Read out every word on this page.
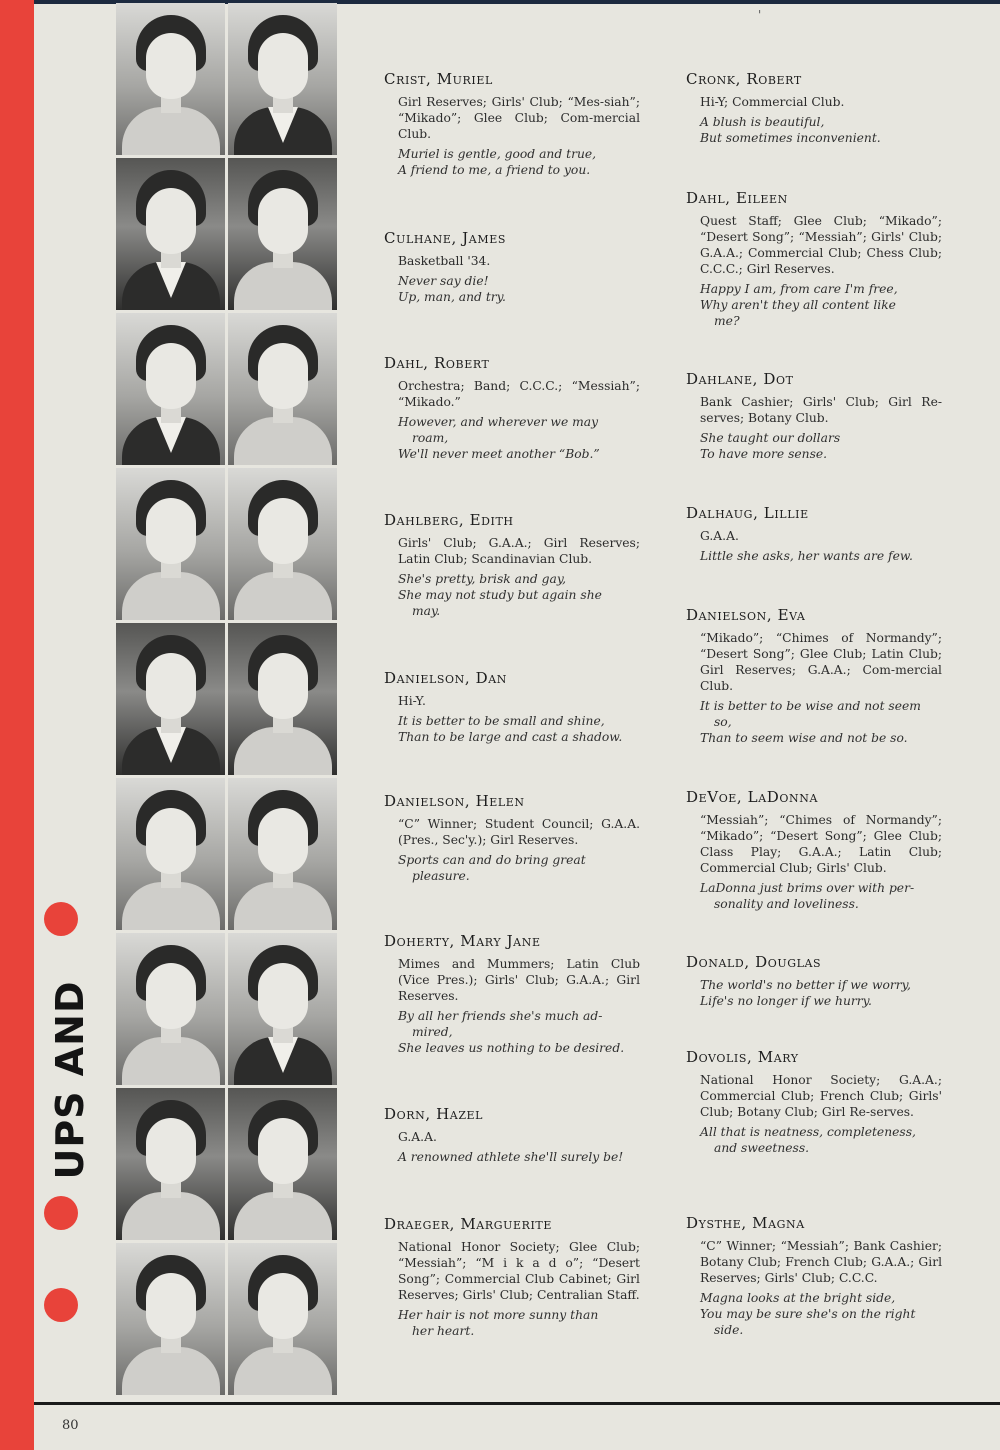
'
UPS AND
Crist, Muriel
Girl Reserves; Girls' Club; “Mes-siah”; “Mikado”; Glee Club; Com-mercial Club.
Muriel is gentle, good and true,
A friend to me, a friend to you.
Culhane, James
Basketball '34.
Never say die!
Up, man, and try.
Dahl, Robert
Orchestra; Band; C.C.C.; “Messiah”; “Mikado.”
However, and wherever we may
roam,
We'll never meet another “Bob.”
Dahlberg, Edith
Girls' Club; G.A.A.; Girl Reserves; Latin Club; Scandinavian Club.
She's pretty, brisk and gay,
She may not study but again she
may.
Danielson, Dan
Hi-Y.
It is better to be small and shine,
Than to be large and cast a shadow.
Danielson, Helen
“C” Winner; Student Council; G.A.A. (Pres., Sec'y.); Girl Reserves.
Sports can and do bring great
pleasure.
Doherty, Mary Jane
Mimes and Mummers; Latin Club (Vice Pres.); Girls' Club; G.A.A.; Girl Reserves.
By all her friends she's much ad-
mired,
She leaves us nothing to be desired.
Dorn, Hazel
G.A.A.
A renowned athlete she'll surely be!
Draeger, Marguerite
National Honor Society; Glee Club; “Messiah”; “M i k a d o”; “Desert Song”; Commercial Club Cabinet; Girl Reserves; Girls' Club; Centralian Staff.
Her hair is not more sunny than
her heart.
Cronk, Robert
Hi-Y; Commercial Club.
A blush is beautiful,
But sometimes inconvenient.
Dahl, Eileen
Quest Staff; Glee Club; “Mikado”; “Desert Song”; “Messiah”; Girls' Club; G.A.A.; Commercial Club; Chess Club; C.C.C.; Girl Reserves.
Happy I am, from care I'm free,
Why aren't they all content like
me?
Dahlane, Dot
Bank Cashier; Girls' Club; Girl Re-serves; Botany Club.
She taught our dollars
To have more sense.
Dalhaug, Lillie
G.A.A.
Little she asks, her wants are few.
Danielson, Eva
“Mikado”; “Chimes of Normandy”; “Desert Song”; Glee Club; Latin Club; Girl Reserves; G.A.A.; Com-mercial Club.
It is better to be wise and not seem
so,
Than to seem wise and not be so.
DeVoe, LaDonna
“Messiah”; “Chimes of Normandy”; “Mikado”; “Desert Song”; Glee Club; Class Play; G.A.A.; Latin Club; Commercial Club; Girls' Club.
LaDonna just brims over with per-
sonality and loveliness.
Donald, Douglas
The world's no better if we worry,
Life's no longer if we hurry.
Dovolis, Mary
National Honor Society; G.A.A.; Commercial Club; French Club; Girls' Club; Botany Club; Girl Re-serves.
All that is neatness, completeness,
and sweetness.
Dysthe, Magna
“C” Winner; “Messiah”; Bank Cashier; Botany Club; French Club; G.A.A.; Girl Reserves; Girls' Club; C.C.C.
Magna looks at the bright side,
You may be sure she's on the right
side.
80
